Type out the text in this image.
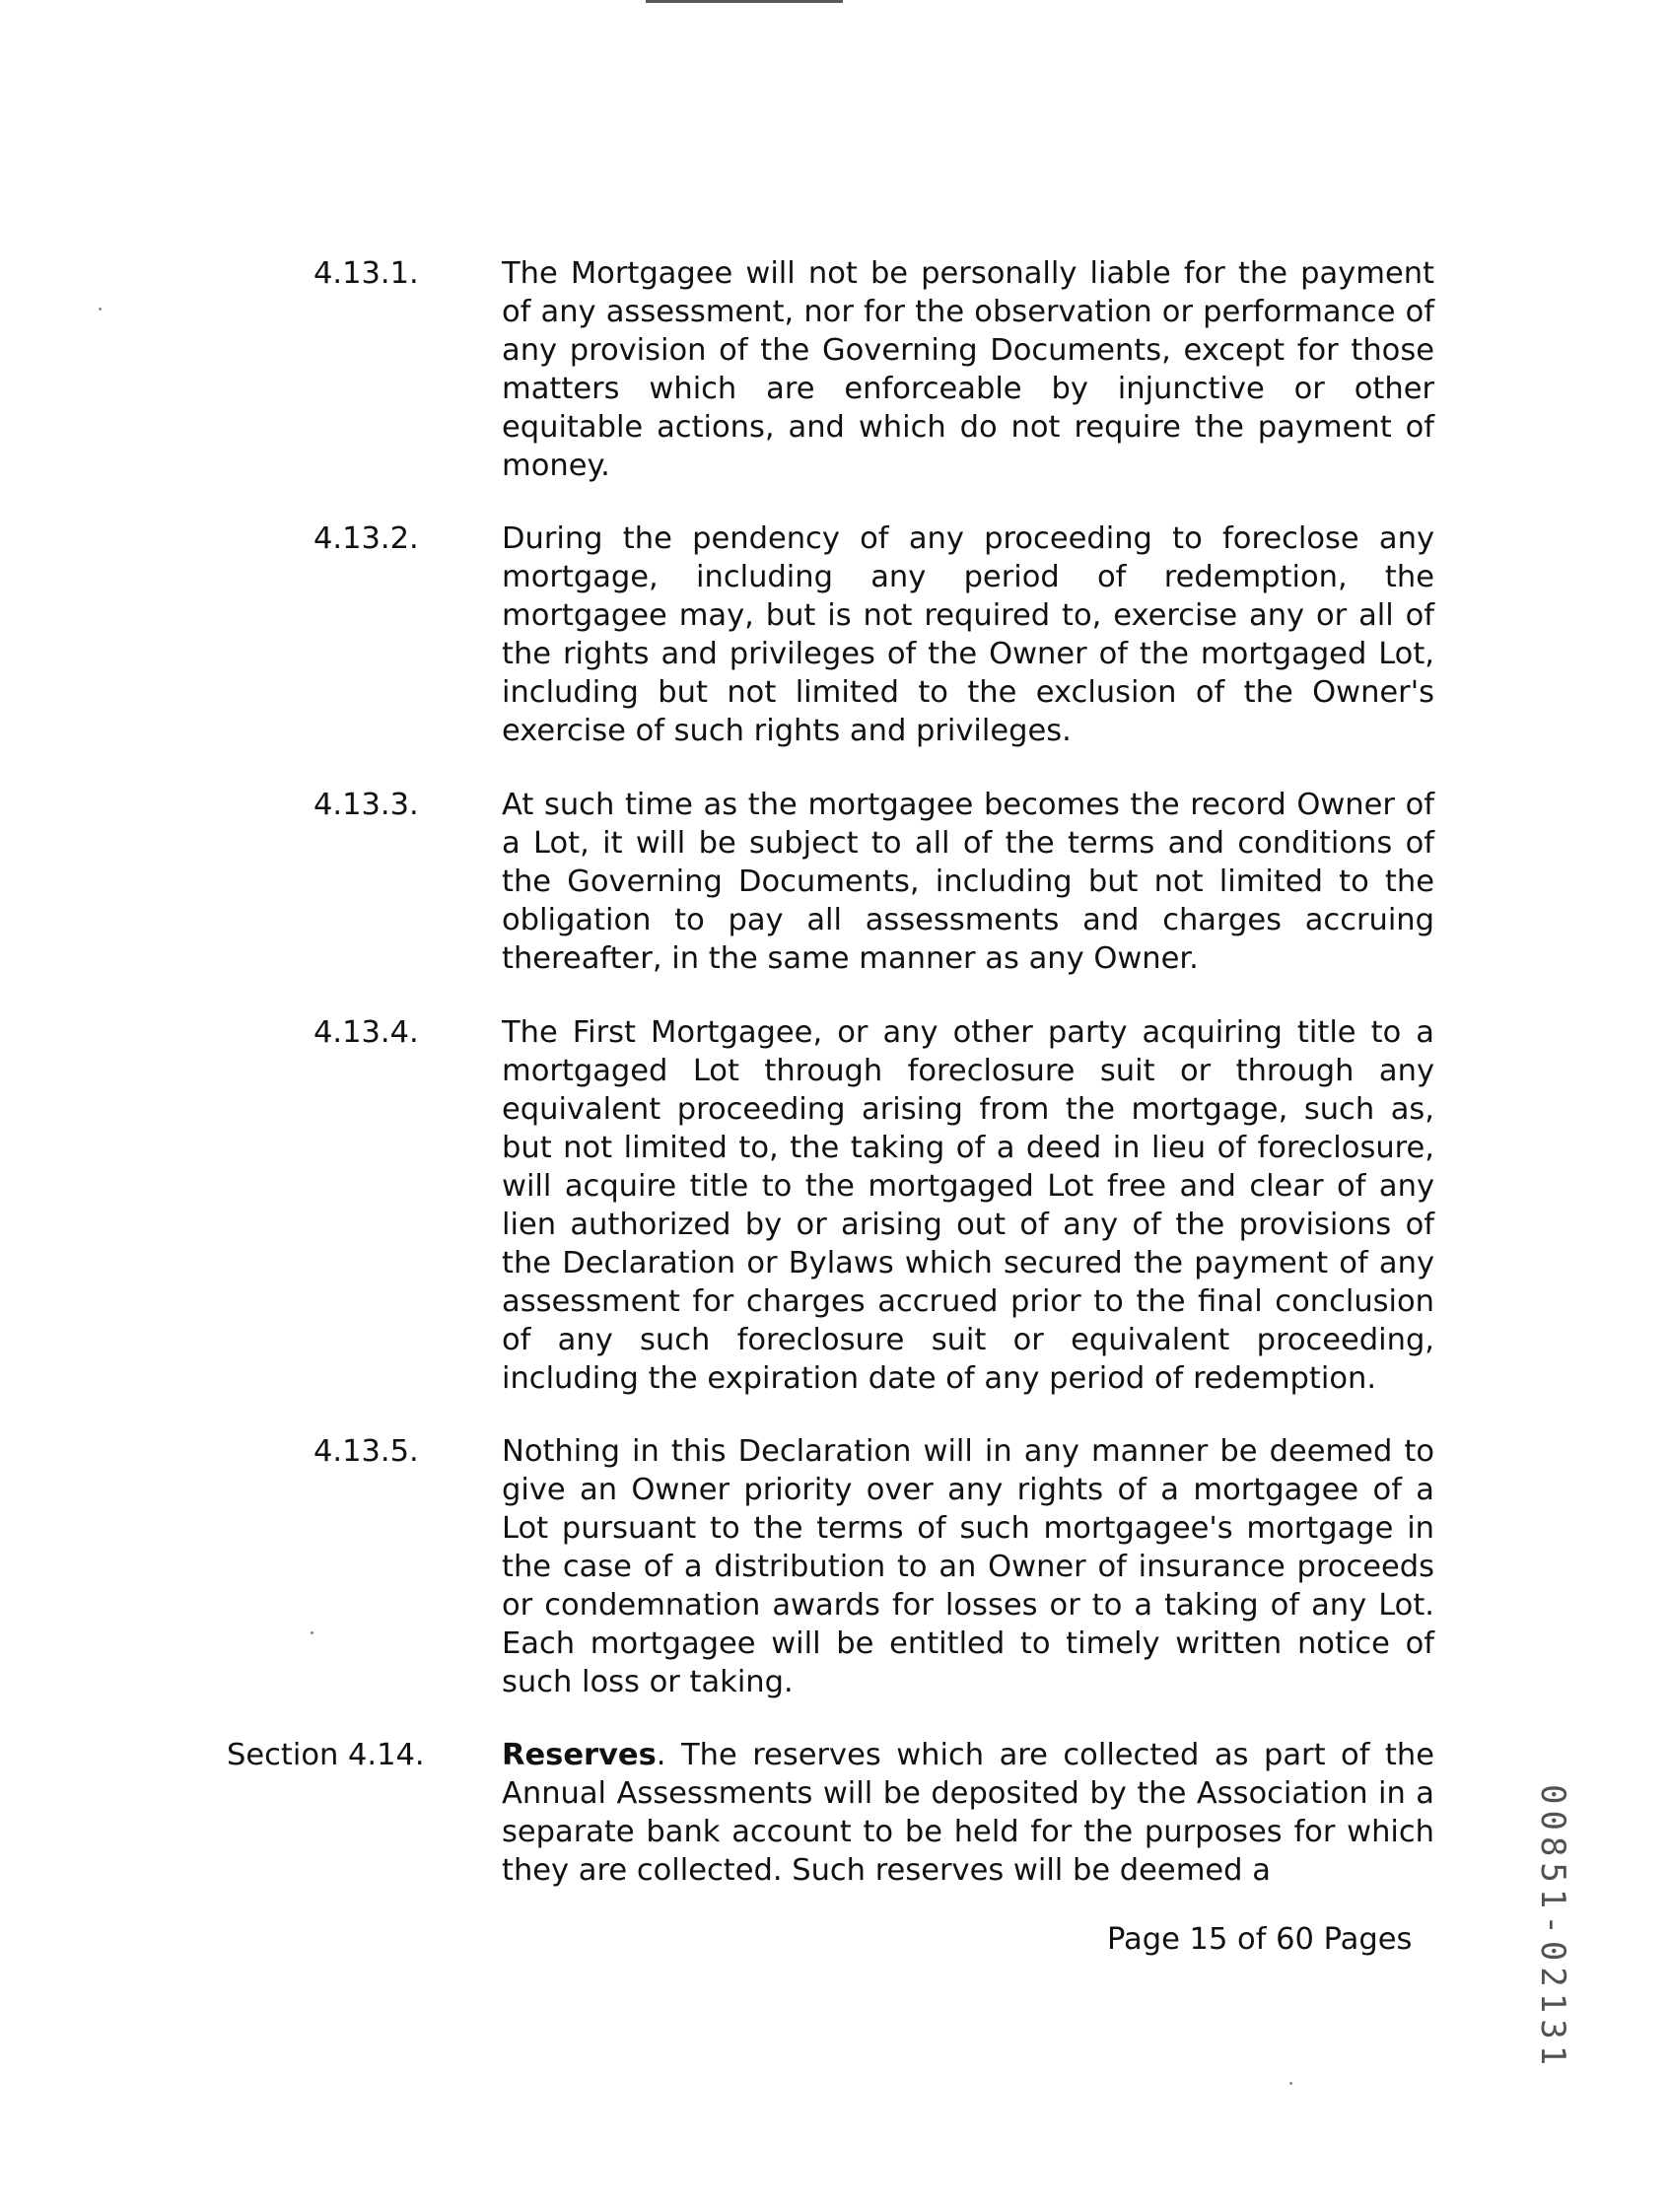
4.13.1.	The Mortgagee will not be personally liable for the payment of any assessment, nor for the observation or performance of any provision of the Governing Documents, except for those matters which are enforceable by injunctive or other equitable actions, and which do not require the payment of money.
4.13.2.	During the pendency of any proceeding to foreclose any mortgage, including any period of redemption, the mortgagee may, but is not required to, exercise any or all of the rights and privileges of the Owner of the mortgaged Lot, including but not limited to the exclusion of the Owner's exercise of such rights and privileges.
4.13.3.	At such time as the mortgagee becomes the record Owner of a Lot, it will be subject to all of the terms and conditions of the Governing Documents, including but not limited to the obligation to pay all assessments and charges accruing thereafter, in the same manner as any Owner.
4.13.4.	The First Mortgagee, or any other party acquiring title to a mortgaged Lot through foreclosure suit or through any equivalent proceeding arising from the mortgage, such as, but not limited to, the taking of a deed in lieu of foreclosure, will acquire title to the mortgaged Lot free and clear of any lien authorized by or arising out of any of the provisions of the Declaration or Bylaws which secured the payment of any assessment for charges accrued prior to the final conclusion of any such foreclosure suit or equivalent proceeding, including the expiration date of any period of redemption.
4.13.5.	Nothing in this Declaration will in any manner be deemed to give an Owner priority over any rights of a mortgagee of a Lot pursuant to the terms of such mortgagee's mortgage in the case of a distribution to an Owner of insurance proceeds or condemnation awards for losses or to a taking of any Lot. Each mortgagee will be entitled to timely written notice of such loss or taking.
Section 4.14.	Reserves. The reserves which are collected as part of the Annual Assessments will be deposited by the Association in a separate bank account to be held for the purposes for which they are collected. Such reserves will be deemed a
Page 15 of 60 Pages	00851-02131
